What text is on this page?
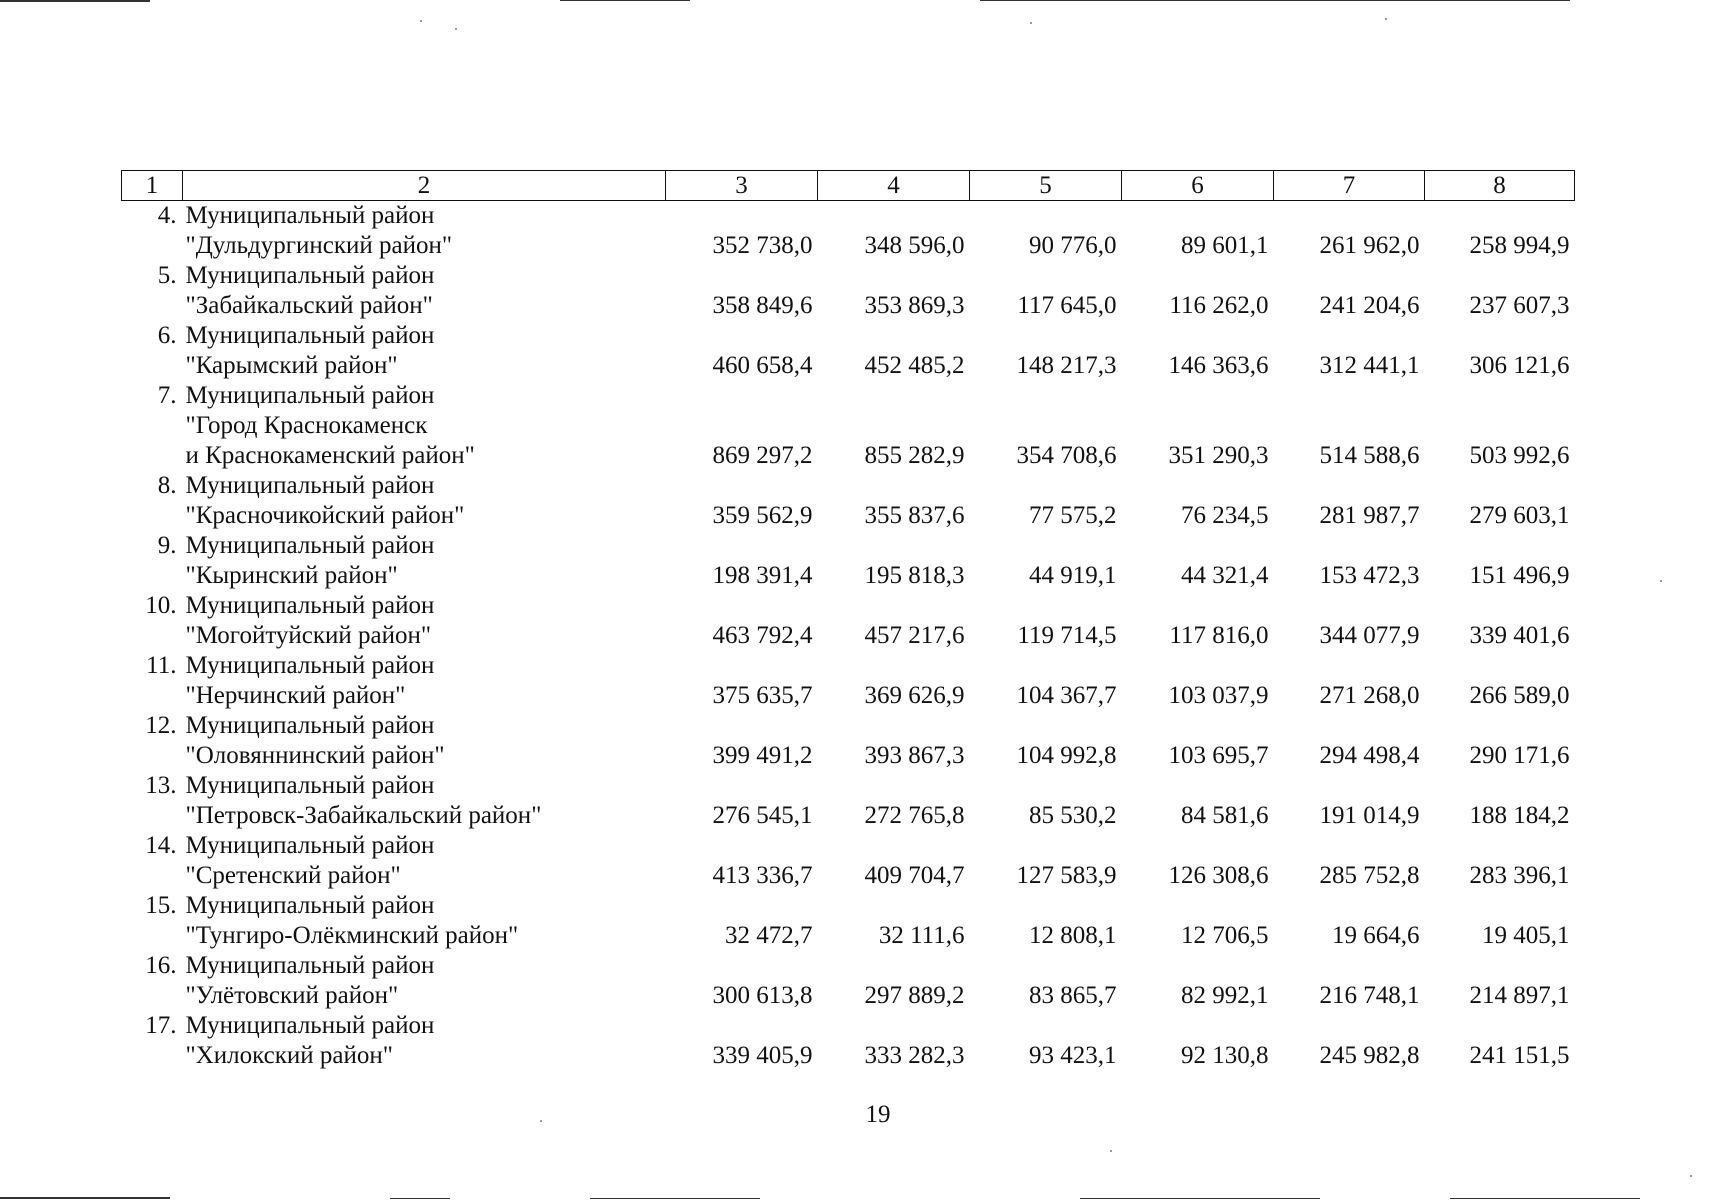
1	2	3	4	5	6	7	8

4.	Муниципальный район
"Дульдургинский район"	352 738,0	348 596,0	90 776,0	89 601,1	261 962,0	258 994,9

5.	Муниципальный район
"Забайкальский район"	358 849,6	353 869,3	117 645,0	116 262,0	241 204,6	237 607,3

6.	Муниципальный район
"Карымский район"	460 658,4	452 485,2	148 217,3	146 363,6	312 441,1	306 121,6

7.	Муниципальный район
"Город Краснокаменск
и Краснокаменский район"	869 297,2	855 282,9	354 708,6	351 290,3	514 588,6	503 992,6

8.	Муниципальный район
"Красночикойский район"	359 562,9	355 837,6	77 575,2	76 234,5	281 987,7	279 603,1

9.	Муниципальный район
"Кыринский район"	198 391,4	195 818,3	44 919,1	44 321,4	153 472,3	151 496,9

10.	Муниципальный район
"Могойтуйский район"	463 792,4	457 217,6	119 714,5	117 816,0	344 077,9	339 401,6

11.	Муниципальный район
"Нерчинский район"	375 635,7	369 626,9	104 367,7	103 037,9	271 268,0	266 589,0

12.	Муниципальный район
"Оловяннинский район"	399 491,2	393 867,3	104 992,8	103 695,7	294 498,4	290 171,6

13.	Муниципальный район
"Петровск-Забайкальский район"	276 545,1	272 765,8	85 530,2	84 581,6	191 014,9	188 184,2

14.	Муниципальный район
"Сретенский район"	413 336,7	409 704,7	127 583,9	126 308,6	285 752,8	283 396,1

15.	Муниципальный район
"Тунгиро-Олёкминский район"	32 472,7	32 111,6	12 808,1	12 706,5	19 664,6	19 405,1

16.	Муниципальный район
"Улётовский район"	300 613,8	297 889,2	83 865,7	82 992,1	216 748,1	214 897,1

17.	Муниципальный район
"Хилокский район"	339 405,9	333 282,3	93 423,1	92 130,8	245 982,8	241 151,5
19
